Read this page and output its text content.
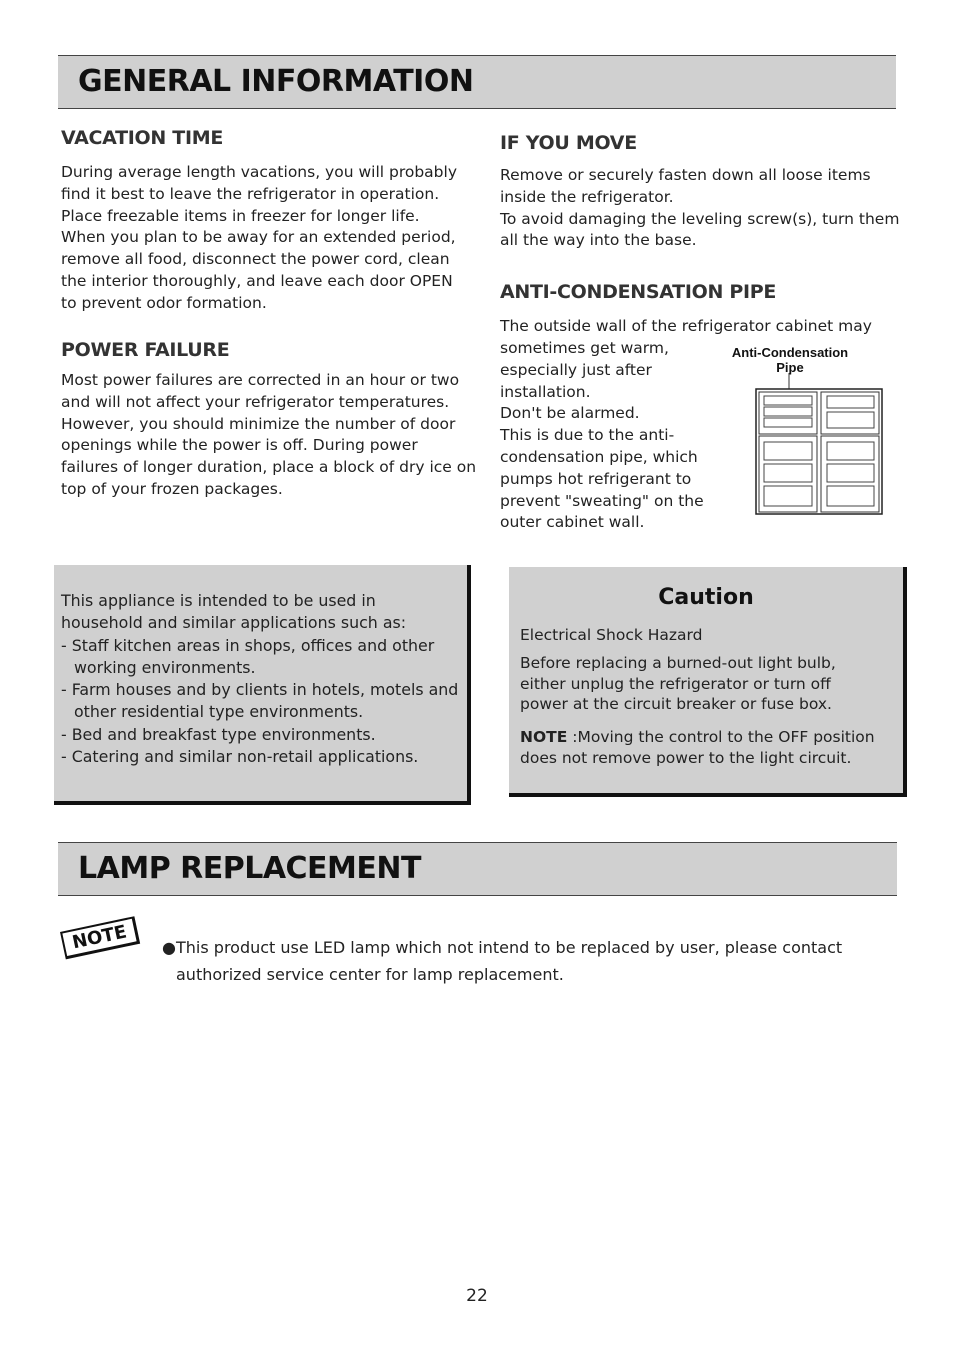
GENERAL INFORMATION
VACATION TIME
During average length vacations, you will probably
find it best to leave the refrigerator in operation.
Place freezable items in freezer for longer life.
When you plan to be away for an extended period,
remove all food, disconnect the power cord, clean
the interior thoroughly, and leave each door OPEN
to prevent odor formation.
POWER FAILURE
Most power failures are corrected in an hour or two
and will not affect your refrigerator temperatures.
However, you should minimize the number of door
openings while the power is off. During power
failures of longer duration, place a block of dry ice on
top of your frozen packages.
IF YOU MOVE
Remove or securely fasten down all loose items
inside the refrigerator.
To avoid damaging the leveling screw(s), turn them
all the way into the base.
ANTI-CONDENSATION PIPE
The outside wall of the refrigerator cabinet may
sometimes get warm,
especially just after
installation.
Don't be alarmed.
This is due to the anti-
condensation pipe, which
pumps hot refrigerant to
prevent "sweating" on the
outer cabinet wall.
Anti-Condensation
Pipe
This appliance is intended to be used in
household and similar applications such as:
- Staff kitchen areas in shops, offices and other working environments.
- Farm houses and by clients in hotels, motels and other residential type environments.
- Bed and breakfast type environments.
- Catering and similar non-retail applications.
Caution
Electrical Shock Hazard
Before replacing a burned-out light bulb,
either unplug the refrigerator or turn off
power at the circuit breaker or fuse box.
NOTE :Moving the control to the OFF position
does not remove power to the light circuit.
LAMP REPLACEMENT
NOTE	● This product use LED lamp which not intend to be replaced by user, please contact authorized service center for lamp replacement.
22
